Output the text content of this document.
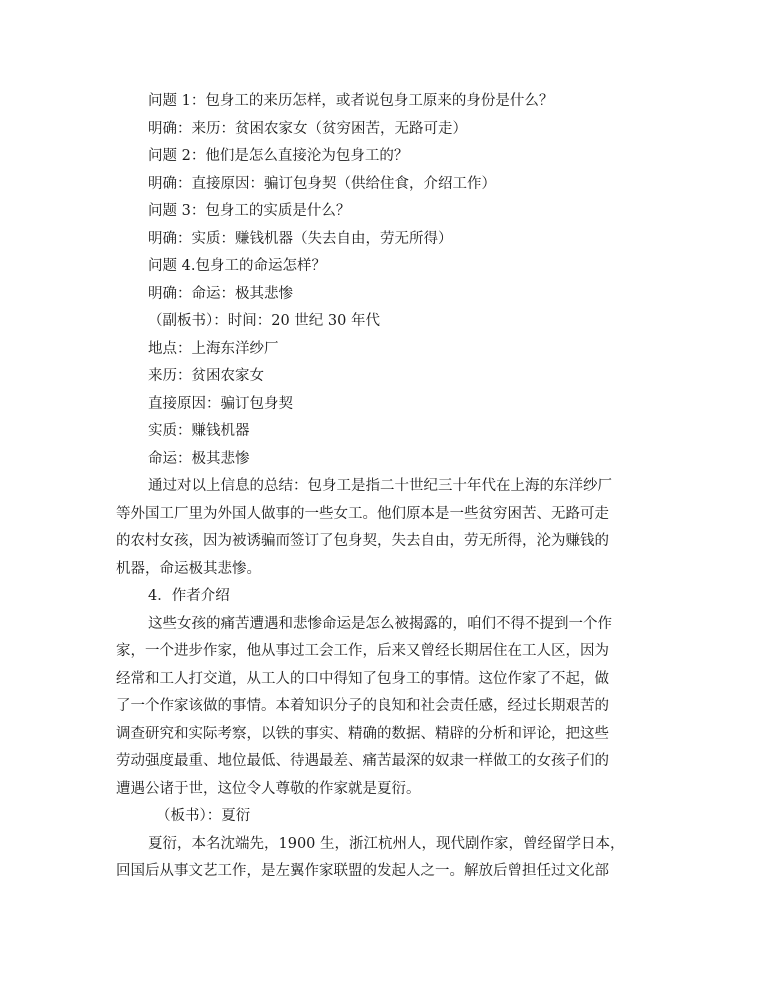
问题 1：包身工的来历怎样，或者说包身工原来的身份是什么？

明确：来历：贫困农家女（贫穷困苦，无路可走）

问题 2：他们是怎么直接沦为包身工的？

明确：直接原因：骗订包身契（供给住食，介绍工作）

问题 3：包身工的实质是什么？

明确：实质：赚钱机器（失去自由，劳无所得）

问题 4.包身工的命运怎样？

明确：命运：极其悲惨

（副板书）：时间：20 世纪 30 年代

地点：上海东洋纱厂

来历：贫困农家女

直接原因：骗订包身契

实质：赚钱机器

命运：极其悲惨

通过对以上信息的总结：包身工是指二十世纪三十年代在上海的东洋纱厂
等外国工厂里为外国人做事的一些女工。他们原本是一些贫穷困苦、无路可走
的农村女孩，因为被诱骗而签订了包身契，失去自由，劳无所得，沦为赚钱的
机器，命运极其悲惨。

4．作者介绍

这些女孩的痛苦遭遇和悲惨命运是怎么被揭露的，咱们不得不提到一个作
家，一个进步作家，他从事过工会工作，后来又曾经长期居住在工人区，因为
经常和工人打交道，从工人的口中得知了包身工的事情。这位作家了不起，做
了一个作家该做的事情。本着知识分子的良知和社会责任感，经过长期艰苦的
调查研究和实际考察，以铁的事实、精确的数据、精辟的分析和评论，把这些
劳动强度最重、地位最低、待遇最差、痛苦最深的奴隶一样做工的女孩子们的
遭遇公诸于世，这位令人尊敬的作家就是夏衍。

（板书）：夏衍

夏衍，本名沈端先，1900 生，浙江杭州人，现代剧作家，曾经留学日本，
回国后从事文艺工作，是左翼作家联盟的发起人之一。解放后曾担任过文化部
